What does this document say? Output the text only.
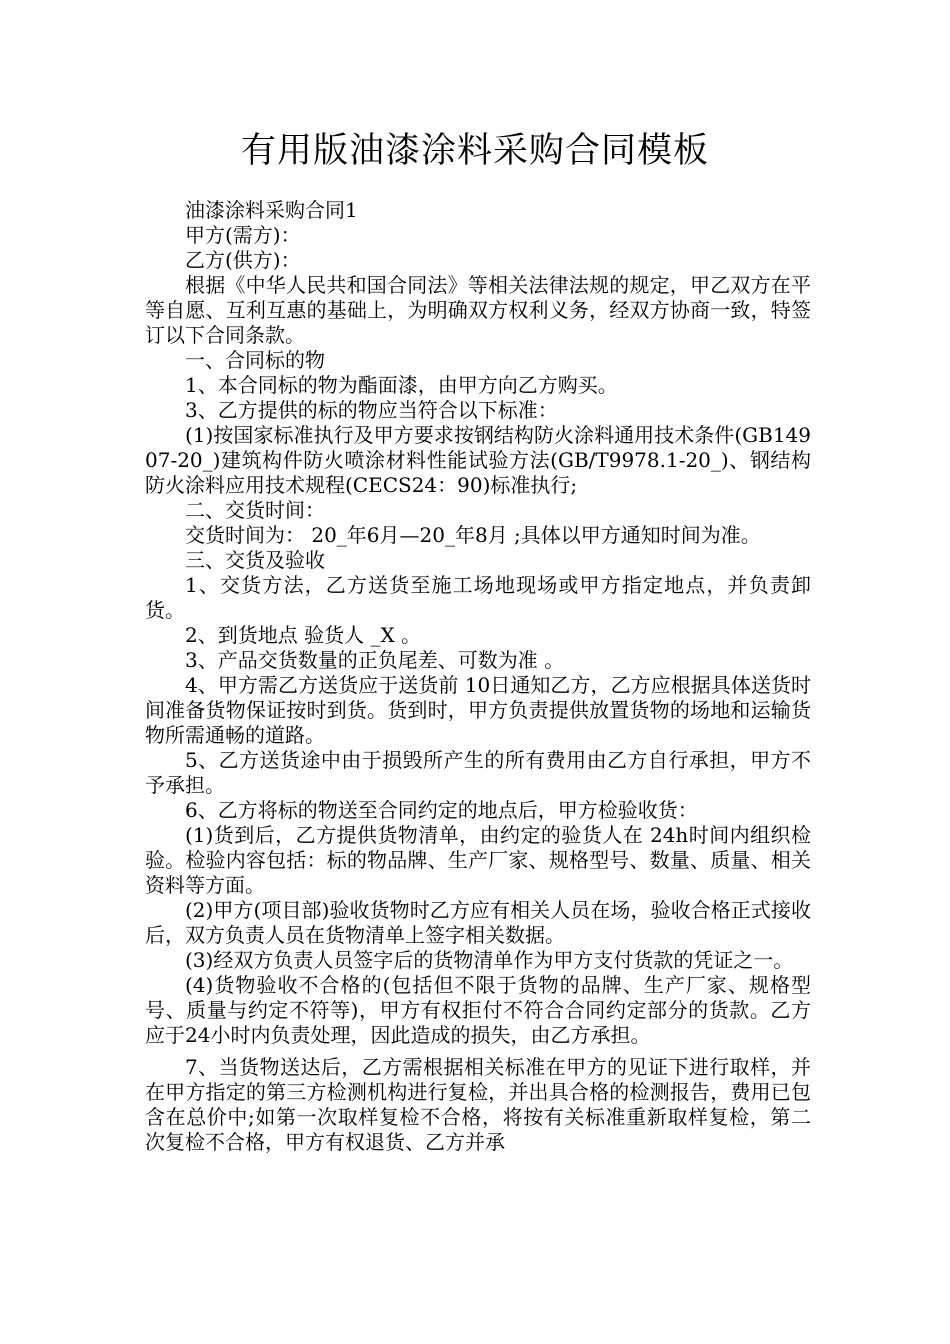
有用版油漆涂料采购合同模板

油漆涂料采购合同1

甲方(需方)：

乙方(供方)：

根据《中华人民共和国合同法》等相关法律法规的规定，甲乙双方在平等自愿、互利互惠的基础上，为明确双方权利义务，经双方协商一致，特签订以下合同条款。

一、合同标的物

1、本合同标的物为酯面漆，由甲方向乙方购买。

3、乙方提供的标的物应当符合以下标准：

(1)按国家标准执行及甲方要求按钢结构防火涂料通用技术条件(GB14907-20_)建筑构件防火喷涂材料性能试验方法(GB/T9978.1-20_)、钢结构防火涂料应用技术规程(CECS24：90)标准执行;

二、交货时间：

交货时间为： 20_年6月—20_年8月 ;具体以甲方通知时间为准。

三、交货及验收

1、交货方法，乙方送货至施工场地现场或甲方指定地点，并负责卸货。

2、到货地点 验货人 _X 。

3、产品交货数量的正负尾差、可数为准 。

4、甲方需乙方送货应于送货前 10日通知乙方，乙方应根据具体送货时间准备货物保证按时到货。货到时，甲方负责提供放置货物的场地和运输货物所需通畅的道路。

5、乙方送货途中由于损毁所产生的所有费用由乙方自行承担，甲方不予承担。

6、乙方将标的物送至合同约定的地点后，甲方检验收货：

(1)货到后，乙方提供货物清单，由约定的验货人在 24h时间内组织检验。检验内容包括：标的物品牌、生产厂家、规格型号、数量、质量、相关资料等方面。

(2)甲方(项目部)验收货物时乙方应有相关人员在场，验收合格正式接收后，双方负责人员在货物清单上签字相关数据。

(3)经双方负责人员签字后的货物清单作为甲方支付货款的凭证之一。

(4)货物验收不合格的(包括但不限于货物的品牌、生产厂家、规格型号、质量与约定不符等)，甲方有权拒付不符合合同约定部分的货款。乙方应于24小时内负责处理，因此造成的损失，由乙方承担。

7、当货物送达后，乙方需根据相关标准在甲方的见证下进行取样，并在甲方指定的第三方检测机构进行复检，并出具合格的检测报告，费用已包含在总价中;如第一次取样复检不合格，将按有关标准重新取样复检，第二次复检不合格，甲方有权退货、乙方并承
